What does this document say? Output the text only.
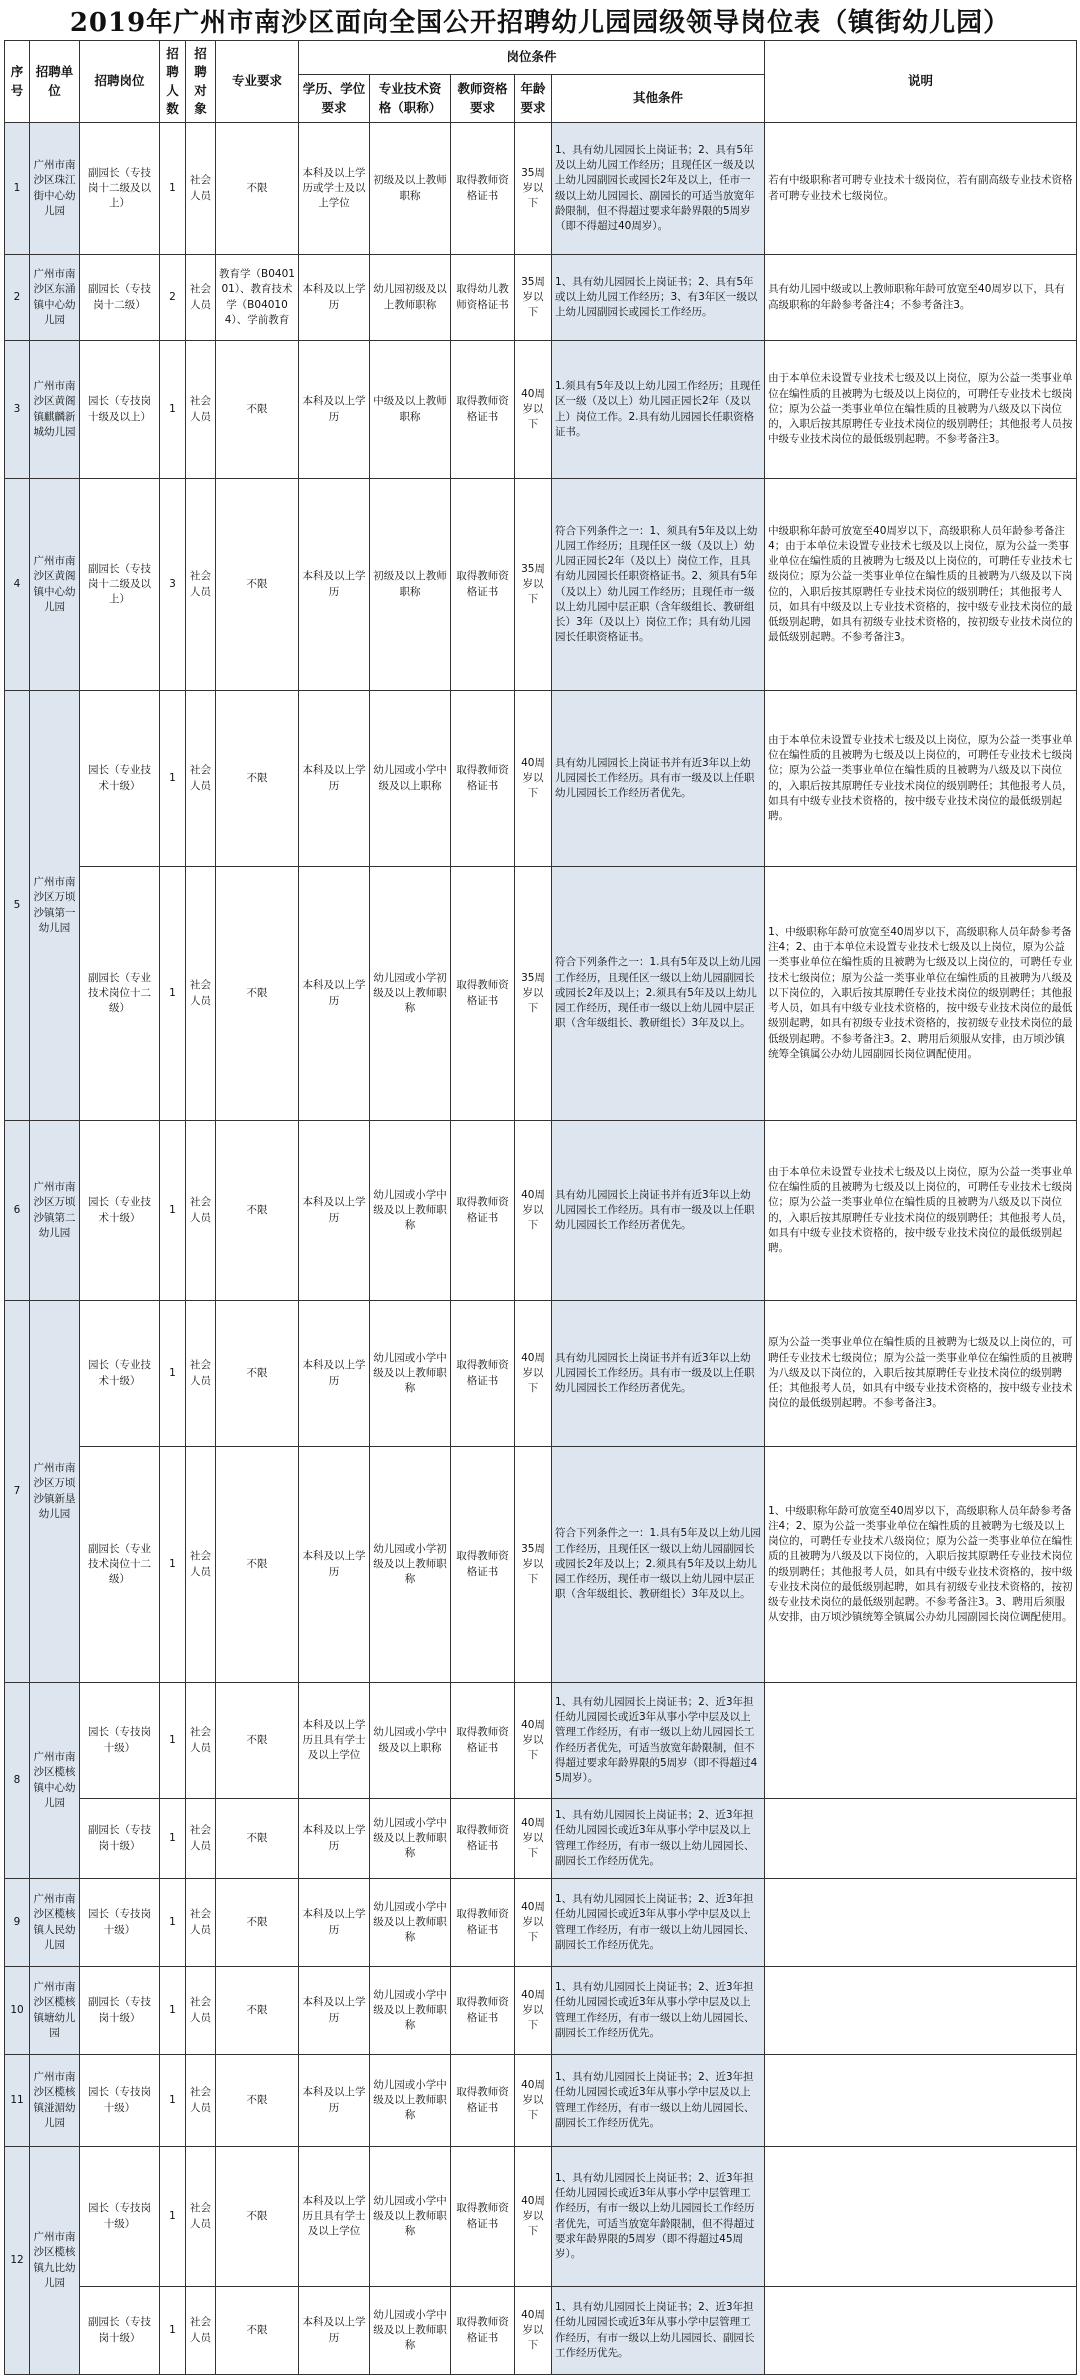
2019年广州市南沙区面向全国公开招聘幼儿园园级领导岗位表（镇街幼儿园）
序号	招聘单位	招聘岗位	招聘人数	招聘对象	专业要求	岗位条件					说明
						学历、学位要求	专业技术资格（职称）	教师资格要求	年龄要求	其他条件	
1	广州市南沙区珠江街中心幼儿园	副园长（专技岗十二级及以上）	1	社会人员	不限	本科及以上学历或学士及以上学位	初级及以上教师职称	取得教师资格证书	35周岁以下	1、具有幼儿园园长上岗证书；2、具有5年及以上幼儿园工作经历；且现任区一级及以上幼儿园副园长或园长2年及以上，任市一级以上幼儿园园长、副园长的可适当放宽年龄限制，但不得超过要求年龄界限的5周岁（即不得超过40周岁）。	若有中级职称者可聘专业技术十级岗位，若有副高级专业技术资格者可聘专业技术七级岗位。
2	广州市南沙区东涌镇中心幼儿园	副园长（专技岗十二级）	2	社会人员	教育学（B040101）、教育技术学（B040104）、学前教育	本科及以上学历	幼儿园初级及以上教师职称	取得幼儿教师资格证书	35周岁以下	1、具有幼儿园园长上岗证书；2、具有5年或以上幼儿园工作经历；3、有3年区一级以上幼儿园副园长或园长工作经历。	具有幼儿园中级或以上教师职称年龄可放宽至40周岁以下，具有高级职称的年龄参考备注4；不参考备注3。
3	广州市南沙区黄阁镇麒麟新城幼儿园	园长（专技岗十级及以上）	1	社会人员	不限	本科及以上学历	中级及以上教师职称	取得教师资格证书	40周岁以下	1.须具有5年及以上幼儿园工作经历；且现任区一级（及以上）幼儿园正园长2年（及以上）岗位工作。2.具有幼儿园园长任职资格证书。	由于本单位未设置专业技术七级及以上岗位，原为公益一类事业单位在编性质的且被聘为七级及以上岗位的，可聘任专业技术七级岗位；原为公益一类事业单位在编性质的且被聘为八级及以下岗位的，入职后按其原聘任专业技术岗位的级别聘任；其他报考人员按中级专业技术岗位的最低级别起聘。不参考备注3。
4	广州市南沙区黄阁镇中心幼儿园	副园长（专技岗十二级及以上）	3	社会人员	不限	本科及以上学历	初级及以上教师职称	取得教师资格证书	35周岁以下	符合下列条件之一：1、须具有5年及以上幼儿园工作经历；且现任区一级（及以上）幼儿园正园长2年（及以上）岗位工作，且具有幼儿园园长任职资格证书。2、须具有5年（及以上）幼儿园工作经历；且现任市一级以上幼儿园中层正职（含年级组长、教研组长）3年（及以上）岗位工作；具有幼儿园园长任职资格证书。	中级职称年龄可放宽至40周岁以下，高级职称人员年龄参考备注4；由于本单位未设置专业技术七级及以上岗位，原为公益一类事业单位在编性质的且被聘为七级及以上岗位的，可聘任专业技术七级岗位；原为公益一类事业单位在编性质的且被聘为八级及以下岗位的，入职后按其原聘任专业技术岗位的级别聘任；其他报考人员，如具有中级及以上专业技术资格的，按中级专业技术岗位的最低级别起聘，如具有初级专业技术资格的，按初级专业技术岗位的最低级别起聘。不参考备注3。
5	广州市南沙区万顷沙镇第一幼儿园	园长（专业技术十级）	1	社会人员	不限	本科及以上学历	幼儿园或小学中级及以上职称	取得教师资格证书	40周岁以下	具有幼儿园园长上岗证书并有近3年以上幼儿园园长工作经历。具有市一级及以上任职幼儿园园长工作经历者优先。	由于本单位未设置专业技术七级及以上岗位，原为公益一类事业单位在编性质的且被聘为七级及以上岗位的，可聘任专业技术七级岗位；原为公益一类事业单位在编性质的且被聘为八级及以下岗位的，入职后按其原聘任专业技术岗位的级别聘任；其他报考人员，如具有中级专业技术资格的，按中级专业技术岗位的最低级别起聘。
		副园长（专业技术岗位十二级）	1	社会人员	不限	本科及以上学历	幼儿园或小学初级及以上教师职称	取得教师资格证书	35周岁以下	符合下列条件之一：1.具有5年及以上幼儿园工作经历，且现任区一级以上幼儿园副园长或园长2年及以上；2.须具有5年及以上幼儿园工作经历，现任市一级以上幼儿园中层正职（含年级组长、教研组长）3年及以上。	1、中级职称年龄可放宽至40周岁以下，高级职称人员年龄参考备注4；2、由于本单位未设置专业技术七级及以上岗位，原为公益一类事业单位在编性质的且被聘为七级及以上岗位的，可聘任专业技术七级岗位；原为公益一类事业单位在编性质的且被聘为八级及以下岗位的，入职后按其原聘任专业技术岗位的级别聘任；其他报考人员，如具有中级专业技术资格的，按中级专业技术岗位的最低级别起聘，如具有初级专业技术资格的，按初级专业技术岗位的最低级别起聘。不参考备注3。2、聘用后须服从安排，由万顷沙镇统筹全镇属公办幼儿园副园长岗位调配使用。
6	广州市南沙区万顷沙镇第二幼儿园	园长（专业技术十级）	1	社会人员	不限	本科及以上学历	幼儿园或小学中级及以上教师职称	取得教师资格证书	40周岁以下	具有幼儿园园长上岗证书并有近3年以上幼儿园园长工作经历。具有市一级及以上任职幼儿园园长工作经历者优先。	由于本单位未设置专业技术七级及以上岗位，原为公益一类事业单位在编性质的且被聘为七级及以上岗位的，可聘任专业技术七级岗位；原为公益一类事业单位在编性质的且被聘为八级及以下岗位的，入职后按其原聘任专业技术岗位的级别聘任；其他报考人员，如具有中级专业技术资格的，按中级专业技术岗位的最低级别起聘。
7	广州市南沙区万顷沙镇新垦幼儿园	园长（专业技术十级）	1	社会人员	不限	本科及以上学历	幼儿园或小学中级及以上教师职称	取得教师资格证书	40周岁以下	具有幼儿园园长上岗证书并有近3年以上幼儿园园长工作经历。具有市一级及以上任职幼儿园园长工作经历者优先。	原为公益一类事业单位在编性质的且被聘为七级及以上岗位的，可聘任专业技术七级岗位；原为公益一类事业单位在编性质的且被聘为八级及以下岗位的，入职后按其原聘任专业技术岗位的级别聘任；其他报考人员，如具有中级专业技术资格的，按中级专业技术岗位的最低级别起聘。不参考备注3。
		副园长（专业技术岗位十二级）	1	社会人员	不限	本科及以上学历	幼儿园或小学初级及以上教师职称	取得教师资格证书	35周岁以下	符合下列条件之一：1.具有5年及以上幼儿园工作经历，且现任区一级以上幼儿园副园长或园长2年及以上；2.须具有5年及以上幼儿园工作经历，现任市一级以上幼儿园中层正职（含年级组长、教研组长）3年及以上。	1、中级职称年龄可放宽至40周岁以下，高级职称人员年龄参考备注4；2、原为公益一类事业单位在编性质的且被聘为七级及以上岗位的，可聘任专业技术八级岗位；原为公益一类事业单位在编性质的且被聘为八级及以下岗位的，入职后按其原聘任专业技术岗位的级别聘任；其他报考人员，如具有中级专业技术资格的，按中级专业技术岗位的最低级别起聘，如具有初级专业技术资格的，按初级专业技术岗位的最低级别起聘。不参考备注3。3、聘用后须服从安排，由万顷沙镇统筹全镇属公办幼儿园副园长岗位调配使用。
8	广州市南沙区榄核镇中心幼儿园	园长（专技岗十级）	1	社会人员	不限	本科及以上学历且具有学士及以上学位	幼儿园或小学中级及以上职称	取得教师资格证书	40周岁以下	1、具有幼儿园园长上岗证书；2、近3年担任幼儿园园长或近3年从事小学中层及以上管理工作经历，有市一级以上幼儿园园长工作经历者优先，可适当放宽年龄限制，但不得超过要求年龄界限的5周岁（即不得超过45周岁）。	
		副园长（专技岗十级）	1	社会人员	不限	本科及以上学历	幼儿园或小学中级及以上教师职称	取得教师资格证书	40周岁以下	1、具有幼儿园园长上岗证书；2、近3年担任幼儿园园长或近3年从事小学中层及以上管理工作经历，有市一级以上幼儿园园长、副园长工作经历优先。	
9	广州市南沙区榄核镇人民幼儿园	园长（专技岗十级）	1	社会人员	不限	本科及以上学历	幼儿园或小学中级及以上教师职称	取得教师资格证书	40周岁以下	1、具有幼儿园园长上岗证书；2、近3年担任幼儿园园长或近3年从事小学中层及以上管理工作经历，有市一级以上幼儿园园长、副园长工作经历优先。	
10	广州市南沙区榄核镇塘幼儿园	副园长（专技岗十级）	1	社会人员	不限	本科及以上学历	幼儿园或小学中级及以上教师职称	取得教师资格证书	40周岁以下	1、具有幼儿园园长上岗证书；2、近3年担任幼儿园园长或近3年从事小学中层及以上管理工作经历，有市一级以上幼儿园园长、副园长工作经历优先。	
11	广州市南沙区榄核镇湴湄幼儿园	园长（专技岗十级）	1	社会人员	不限	本科及以上学历	幼儿园或小学中级及以上教师职称	取得教师资格证书	40周岁以下	1、具有幼儿园园长上岗证书；2、近3年担任幼儿园园长或近3年从事小学中层及以上管理工作经历，有市一级以上幼儿园园长、副园长工作经历优先。	
12	广州市南沙区榄核镇九比幼儿园	园长（专技岗十级）	1	社会人员	不限	本科及以上学历且具有学士及以上学位	幼儿园或小学中级及以上教师职称	取得教师资格证书	40周岁以下	1、具有幼儿园园长上岗证书；2、近3年担任幼儿园园长或近3年从事小学中层管理工作经历，有市一级以上幼儿园园长工作经历者优先，可适当放宽年龄限制，但不得超过要求年龄界限的5周岁（即不得超过45周岁）。	
		副园长（专技岗十级）	1	社会人员	不限	本科及以上学历	幼儿园或小学中级及以上教师职称	取得教师资格证书	40周岁以下	1、具有幼儿园园长上岗证书；2、近3年担任幼儿园园长或近3年从事小学中层管理工作经历，有市一级以上幼儿园园长、副园长工作经历优先。	
